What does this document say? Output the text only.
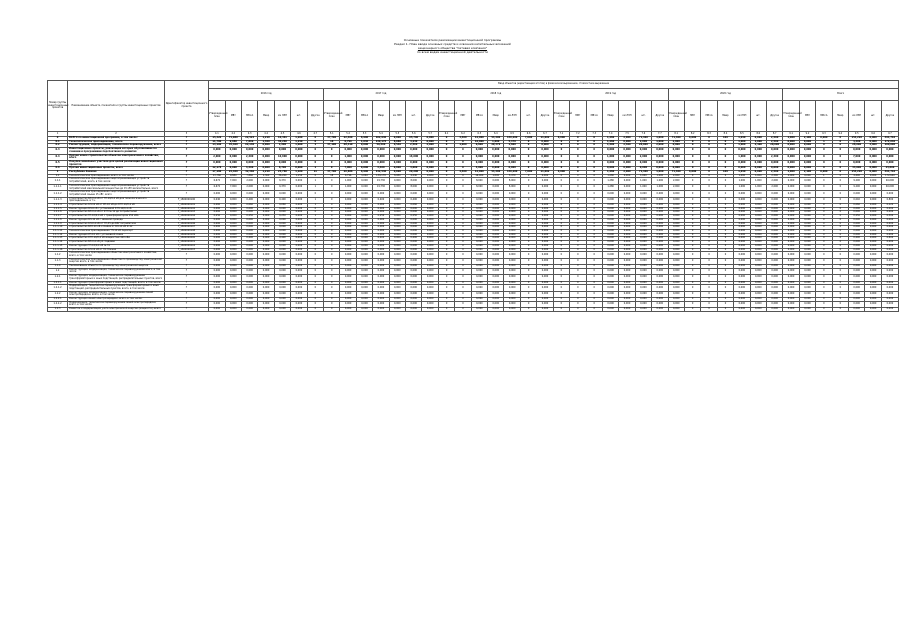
Основные показатели реализации инвестиционной программы
Раздел 1. План ввода основных средств и освоения капитальных вложений
акционерного общества "Сетевая компания"
по всем видам инвестиционной деятельности
Номер группы инвестиционных проектов	Наименование объекта, показателя и группы инвестиционных проектов	Идентификатор инвестиционного проекта	Ввод объектов (нарастающим итогом) в физическом выражении, стоимостное выражение																																									
			2016 год							2017 год							2018 год							2019 год							2020 год							Всего						
			Утвержденный план	МВт	МВ×А	Мвар	км ЛЭП	шт.	Другое	Утвержденный план	МВт	МВ×А	Мвар	км ЛЭП	шт.	Другое	Утвержденный план	МВт	МВ×А	Мвар	км ЛЭП	шт.	Другое	Утвержденный план	МВт	МВ×А	Мвар	км ЛЭП	шт.	Другое	Утвержденный план	МВт	МВ×А	Мвар	км ЛЭП	шт.	Другое	Утвержденный план	МВт	МВ×А	Мвар	км ЛЭП	шт.	Другое
1	2	3	4.1	4.2	4.3	4.4	4.5	4.6	4.7	5.1	5.2	5.3	5.4	5.5	5.6	5.7	6.1	6.2	6.3	6.4	6.5	6.6	6.7	7.1	7.2	7.3	7.4	7.5	7.6	7.7	8.1	8.2	8.3	8.4	8.5	8.6	8.7	9.1	9.2	9.3	9.4	9.5	9.6	9.7
0	ВСЕГО по инвестиционной программе, в том числе:	Г	15,320	71,080	22,524	1,210	16,361	1,200	0	37,700	22,400	8,900	102,940	0,000	65,700	0,000	0	4,400	12,000	53,400	130,200	7,000	11,002	6,000	0	0	1,280	2,000	71,400	1,000	71,400	6,000	0	109	1,040	0,000	2,500	1,000	2,100	0,000	0	154,220	0,000	491,710
0.1	Технологическое присоединение, всего	Г	11,780	9,880	7,860	1,360	36,260	1,150	0	18	0,796	1,040	139,178	8,080	4,240	0,000	0	0	16,000	1,000	5,470	0	0,000	0	0	0	1,280	0,000	1,000	1,000	2,000	0	0	0	1,000	1,000	2,500	0,000	0,000	1	0	4,400	0,000	172,640
0.2	Реконструкция, модернизация, техническое перевооружение, всего	Г	14,100	35,400	62,130	0,000	1,200	1,000	1	37,100	68,310	0,000	50,400	6,540	2,560	2,000	0	1,000	0,000	20,370	1,800	0	0,000	0	0	0	1,400	2,400	20,000	2,000	0,000	0	0	0	1,000	2,400	20,000	0,000	0,000	0	0	28,600	4,000	100,000
0.3	Инвестиционные проекты, реализация которых обуславливается схемами и программами перспективного развития	Г	0,000	0,000	0,000	0,000	0,000	0,000	0	0	0,000	0,000	0,000	0,000	0,000	0,000	0	0	0,000	0,000	0,000	0	0,000	0	0	0	0,000	0,000	0,000	0,000	0,000	0	0	0	0,000	0,000	0,000	0,000	0,000	0	0	0,000	0,000	0,000
0.4	Прочее новое строительство объектов электросетевого хозяйства, всего	Г	2,000	0,000	2,400	0,000	10,600	0,000	0	0	1,000	0,000	0,000	0,000	16,000	0,000	0	0	0,000	0,000	0,000	0	0,000	0	0	0	1,000	0,000	2,000	0,000	0,000	0	0	0	1,000	0,000	2,400	0,000	0,000	0	0	7,000	0,000	0,000
0.5	Покупка земельных участков для целей реализации инвестиционных проектов	Г	0,000	0,000	0,000	0,000	0,000	0,000	0	0	0,000	0,000	0,000	0,000	0,000	0,000	0	0	0,000	0,000	0,000	0	0,000	0	0	0	0,000	0,000	0,000	0,000	0,000	0	0	0	0,000	0,000	0,000	0,000	0,000	0	0	0,000	0,000	0,000
0.6	Прочие инвестиционные проекты, всего	Г	12,178	0,000	4,400	0,000	8,700	0,000	1	0	7,900	0,000	3,400	0,000	4,000	0,000	0	0	4,000	0,000	6,000	0	0,000	0	0	0	0,000	0,000	0,000	0,000	0,000	0	0	0	0,000	0,000	0,000	0,000	0,000	0	0	33,000	0,000	13,800
1	Республика Хакасия	Г	17,180	24,400	32,360	1,210	25,780	1,160	11	37,700	26,886	8,900	142,540	0,000	29,200	0,000	0	4,400	12,000	53,400	130,200	7,000	11,002	6,000	0	0	1,280	2,000	71,400	1,000	71,400	6,000	0	109	1,040	0,000	2,500	1,000	2,100	0,000	0	154,220	0,000	491,710
1.1	Технологическое присоединение, всего, в том числе:	Г	13,780	9,880	7,860	1,360	36,260	1,150	0	18	0,796	1,040	139,178	8,080	4,240	0,000	0	0	16,000	1,000	5,470	0	0,000	0	0	0	1,280	0,000	1,000	1,000	2,000	0	0	0	1,000	1,000	2,500	0,000	0,000	1	0	4,400	0,000	172,640
1.1.1	Технологическое присоединение энергопринимающих устройств потребителей, всего, в том числе:	Г	6,672	7,000	2,000	0,000	6,370	0,000	1	0	1,000	0,000	19,730	0,000	8,000	0,000	0	0	8,000	0,000	8,000	0	0,000	0	0	0	1,280	0,000	1,000	1,000	2,000	0	0	0	1,000	1,000	2,000	0,000	0,000	0	0	9,200	0,000	46,000
1.1.1.1	Технологическое присоединение энергопринимающих устройств потребителей максимальной мощностью до 15 кВт включительно, всего	Г	6,672	7,000	2,000	0,000	6,370	0,000	1	0	1,000	0,000	19,730	0,000	8,000	0,000	0	0	8,000	0,000	8,000	0	0,000	0	0	0	1,280	0,000	1,000	1,000	2,000	0	0	0	1,000	1,000	2,000	0,000	0,000	0	0	9,200	0,000	46,000
1.1.1.2	Технологическое присоединение энергопринимающих устройств потребителей свыше 15 кВт, всего	Г	0,000	0,000	0,000	0,000	0,000	0,000	0	0	0,000	0,000	0,000	0,000	0,000	0,000	0	0	0,000	0,000	0,000	0	0,000	0	0	0	0,000	0,000	0,000	0,000	0,000	0	0	0	0,000	0,000	0,000	0,000	0,000	0	0	0,000	0,000	0,000
1.1.1.3	Строительство ВЛ-0,4 кВ от ТП-10/0,4 кВ для технологического присоединения, в т.ч.	F_1800000190	0,040	0,000	0,400	0,000	0,400	0,000	1	0	0,000	0,000	0,400	0,000	0,400	0,000	0	0	0,000	0,000	0,000	0	0,000	0	0	0	0,000	0,000	0,000	0,000	0,000	0	0	0	0,000	0,000	0,000	0,000	0,000	0	0	0,040	0,000	0,800
1.1.1.4	Строительство КЛ-10 кВ от РП-10 кВ до КТП-10/0,4 кВ	F_1800000191	0,060	0,000	0,060	0,000	0,060	0,000	1	0	0,000	0,000	0,060	0,000	0,060	0,000	0	0	0,000	0,000	0,000	0	0,000	0	0	0	0,000	0,000	0,000	0,000	0,000	0	0	0	0,000	0,000	0,000	0,000	0,000	0	0	0,060	0,000	0,120
1.1.1.5	Реконструкция ВЛ-6 кВ с установкой КТП-10/0,4 кВ	F_1800000192	0,000	0,000	0,000	0,000	0,000	0,000	0	0	0,000	0,000	0,000	0,000	0,000	0,000	0	0	0,000	0,000	0,000	0	0,000	0	0	0	0,000	0,000	0,000	0,000	0,000	0	0	0	0,000	0,000	0,000	0,000	0,000	0	0	0,000	0,000	0,000
1.1.1.6	Строительство ВЛ-0,4 кВ от КТП № 12 до потребителей	F_1800000193	0,000	0,000	0,000	0,000	0,000	0,000	0	0	0,000	0,000	0,000	0,000	0,000	0,000	0	0	0,000	0,000	0,000	0	0,000	0	0	0	0,000	0,000	0,000	0,000	0,000	0	0	0	0,000	0,000	0,000	0,000	0,000	0	0	0,000	0,000	0,000
1.1.1.7	Строительство ТП-10/0,4 кВ с трансформатором 250 кВА	F_1800000194	0,250	0,000	0,250	0,000	0,250	0,000	1	0	0,000	0,000	0,250	0,000	0,250	0,000	0	0	0,000	0,000	0,000	0	0,000	0	0	0	0,000	0,000	0,000	0,000	0,000	0	0	0	0,000	0,000	0,000	0,000	0,000	0	0	0,250	0,000	0,500
1.1.1.8	Реконструкция ВЛ-10 кВ с заменой провода	F_1800000195	0,000	0,000	0,000	0,000	0,000	0,000	0	0	0,000	0,000	0,000	0,000	0,000	0,000	0	0	0,000	0,000	0,000	0	0,000	0	0	0	0,000	0,000	0,000	0,000	0,000	0	0	0	0,000	0,000	0,000	0,000	0,000	0	0	0,000	0,000	0,000
1.1.1.9	Строительство КЛ-0,4 кВ от ТП-55 до ВРУ потребителя	F_1800000196	0,000	0,000	0,000	0,000	0,000	0,000	0	0	0,000	0,000	0,000	0,000	0,000	0,000	0	0	0,000	0,000	0,000	0	0,000	0	0	0	0,000	0,000	0,000	0,000	0,000	0	0	0	0,000	0,000	0,000	0,000	0,000	0	0	0,000	0,000	0,000
1.1.1.10	Строительство ВЛЗ-10 кВ отпайки от ВЛ-10 кВ Ф-12	F_1800000197	0,000	0,000	0,000	0,000	0,000	0,000	0	0	0,000	0,000	0,000	0,000	0,000	0,000	0	0	0,000	0,000	0,000	0	0,000	0	0	0	0,000	0,000	0,000	0,000	0,000	0	0	0	0,000	0,000	0,000	0,000	0,000	0	0	0,000	0,000	0,000
1.1.1.11	Технологическое присоединение ТП-10 кВ Аэропорт	F_1800000198	0,000	0,000	0,000	0,000	0,000	0,000	0	0	0,000	0,000	0,000	0,000	0,000	0,000	0	0	0,000	0,000	0,000	0	0,000	0	0	0	0,000	0,000	0,000	0,000	0,000	0	0	0	0,000	0,000	0,000	0,000	0,000	0	0	0,000	0,000	0,000
1.1.1.12	Реконструкция РП-10 кВ с установкой ячеек	F_1800000199	0,000	0,000	0,000	0,000	0,000	0,000	0	0	0,000	0,000	0,000	0,000	0,000	0,000	0	0	0,000	0,000	0,000	0	0,000	0	0	0	0,000	0,000	0,000	0,000	0,000	0	0	0	0,000	0,000	0,000	0,000	0,000	0	0	0,000	0,000	0,000
1.1.1.13	Строительство КТП-10/0,4 кВ мощностью 400 кВА	F_1800000200	0,400	0,000	0,400	0,000	0,400	0,000	1	0	0,000	0,000	0,400	0,000	0,400	0,000	0	0	0,000	0,000	0,000	0	0,000	0	0	0	0,000	0,000	0,000	0,000	0,000	0	0	0	0,000	0,000	0,000	0,000	0,000	0	0	0,400	0,000	0,800
1.1.1.14	Строительство ВЛ-0,4 кВ ул. Садовая	F_1800000201	0,000	0,000	0,000	0,000	0,000	0,000	0	0	0,000	0,000	0,000	0,000	0,000	0,000	0	0	0,000	0,000	0,000	0	0,000	0	0	0	0,000	0,000	0,000	0,000	0,000	0	0	0	0,000	0,000	0,000	0,000	0,000	0	0	0,000	0,000	0,000
1.1.1.15	Реконструкция ТП-10/0,4 кВ № 31	F_1800000202	0,000	0,000	0,000	0,000	0,000	0,000	0	0	0,000	0,000	0,000	0,000	0,000	0,000	0	0	0,000	0,000	0,000	0	0,000	0	0	0	0,000	0,000	0,000	0,000	0,000	0	0	0	0,000	0,000	0,000	0,000	0,000	0	0	0,000	0,000	0,000
1.1.1.16	Строительство КЛ-10 кВ от ПС Южная	F_1800000203	0,000	0,000	0,000	0,000	0,000	0,000	0	0	0,000	0,000	0,000	0,000	0,000	0,000	0	0	0,000	0,000	0,000	0	0,000	0	0	0	0,000	0,000	0,000	0,000	0,000	0	0	0	0,000	0,000	0,000	0,000	0,000	0	0	0,000	0,000	0,000
1.1.2	Технологическое присоединение объектов электросетевого хозяйства, всего, в том числе:	Г	0,000	0,000	0,000	0,000	0,000	0,000	0	0	0,000	0,000	0,000	0,000	0,000	0,000	0	0	0,000	0,000	0,000	0	0,000	0	0	0	0,000	0,000	0,000	0,000	0,000	0	0	0	0,000	0,000	0,000	0,000	0,000	0	0	0,000	0,000	0,000
1.1.3	Технологическое присоединение объектов по производству электрической энергии всего, в том числе:	Г	0,000	0,000	0,000	0,000	0,000	0,000	0	0	0,000	0,000	0,000	0,000	0,000	0,000	0	0	0,000	0,000	0,000	0	0,000	0	0	0	0,000	0,000	0,000	0,000	0,000	0	0	0	0,000	0,000	0,000	0,000	0,000	0	0	0,000	0,000	0,000
1.1.4	Наименование объекта по производству электрической энергии	Г	0,000	0,000	0,000	0,000	0,000	0,000	0	0	0,000	0,000	0,000	0,000	0,000	0,000	0	0	0,000	0,000	0,000	0	0,000	0	0	0	0,000	0,000	0,000	0,000	0,000	0	0	0	0,000	0,000	0,000	0,000	0,000	0	0	0,000	0,000	0,000
1.2	Реконструкция, модернизация, техническое перевооружение всего, в том числе:	Г	0,000	0,000	0,000	0,000	0,000	0,000	0	0	0,000	0,000	0,000	0,000	0,000	0,000	0	0	0,000	0,000	0,000	0	0,000	0	0	0	0,000	0,000	0,000	0,000	0,000	0	0	0	0,000	0,000	0,000	0,000	0,000	0	0	0,000	0,000	0,000
1.2.1	Реконструкция, модернизация, техническое перевооружение трансформаторных и иных подстанций, распределительных пунктов, всего	Г	0,000	0,000	0,000	0,000	0,000	0,000	0	0	0,000	0,000	0,000	0,000	0,000	0,000	0	0	0,000	0,000	0,000	0	0,000	0	0	0	0,000	0,000	0,000	0,000	0,000	0	0	0	0,000	0,000	0,000	0,000	0,000	0	0	0,000	0,000	0,000
1.2.1.1	Реконструкция трансформаторных и иных подстанций, всего, в том числе:	Г	0,000	0,000	0,000	0,000	0,000	0,000	0	0	0,000	0,000	0,000	0,000	0,000	0,000	0	0	0,000	0,000	0,000	0	0,000	0	0	0	0,000	0,000	0,000	0,000	0,000	0	0	0	0,000	0,000	0,000	0,000	0,000	0	0	0,000	0,000	0,000
1.2.1.2	Модернизация, техническое перевооружение трансформаторных и иных подстанций, распределительных пунктов, всего, в том числе:	Г	0,000	0,000	0,000	0,000	0,000	0,000	0	0	0,000	0,000	0,000	0,000	0,000	0,000	0	0	0,000	0,000	0,000	0	0,000	0	0	0	0,000	0,000	0,000	0,000	0,000	0	0	0	0,000	0,000	0,000	0,000	0,000	0	0	0,000	0,000	0,000
1.2.2	Реконструкция, модернизация, техническое перевооружение линий электропередачи, всего, в том числе:	Г	0,000	0,000	0,000	0,000	0,000	0,000	0	0	0,000	0,000	0,000	0,000	0,000	0,000	0	0	0,000	0,000	0,000	0	0,000	0	0	0	0,000	0,000	0,000	0,000	0,000	0	0	0	0,000	0,000	0,000	0,000	0,000	0	0	0,000	0,000	0,000
1.2.2.1	Реконструкция линий электропередачи, всего, в том числе:	Г	0,000	0,000	0,000	0,000	0,000	0,000	0	0	0,000	0,000	0,000	0,000	0,000	0,000	0	0	0,000	0,000	0,000	0	0,000	0	0	0	0,000	0,000	0,000	0,000	0,000	0	0	0	0,000	0,000	0,000	0,000	0,000	0	0	0,000	0,000	0,000
1.2.2.2	Модернизация, техническое перевооружение линий электропередачи, всего, в том числе:	Г	0,000	0,000	0,000	0,000	0,000	0,000	0	0	0,000	0,000	0,000	0,000	0,000	0,000	0	0	0,000	0,000	0,000	0	0,000	0	0	0	0,000	0,000	0,000	0,000	0,000	0	0	0	0,000	0,000	0,000	0,000	0,000	0	0	0,000	0,000	0,000
1.2.3	Развитие и модернизация учета электрической энергии (мощности), всего	Г	0,000	0,000	0,000	0,000	0,000	0,000	0	0	0,000	0,000	0,000	0,000	0,000	0,000	0	0	0,000	0,000	0,000	0	0,000	0	0	0	0,000	0,000	0,000	0,000	0,000	0	0	0	0,000	0,000	0,000	0,000	0,000	0	0	0,000	0,000	0,000
